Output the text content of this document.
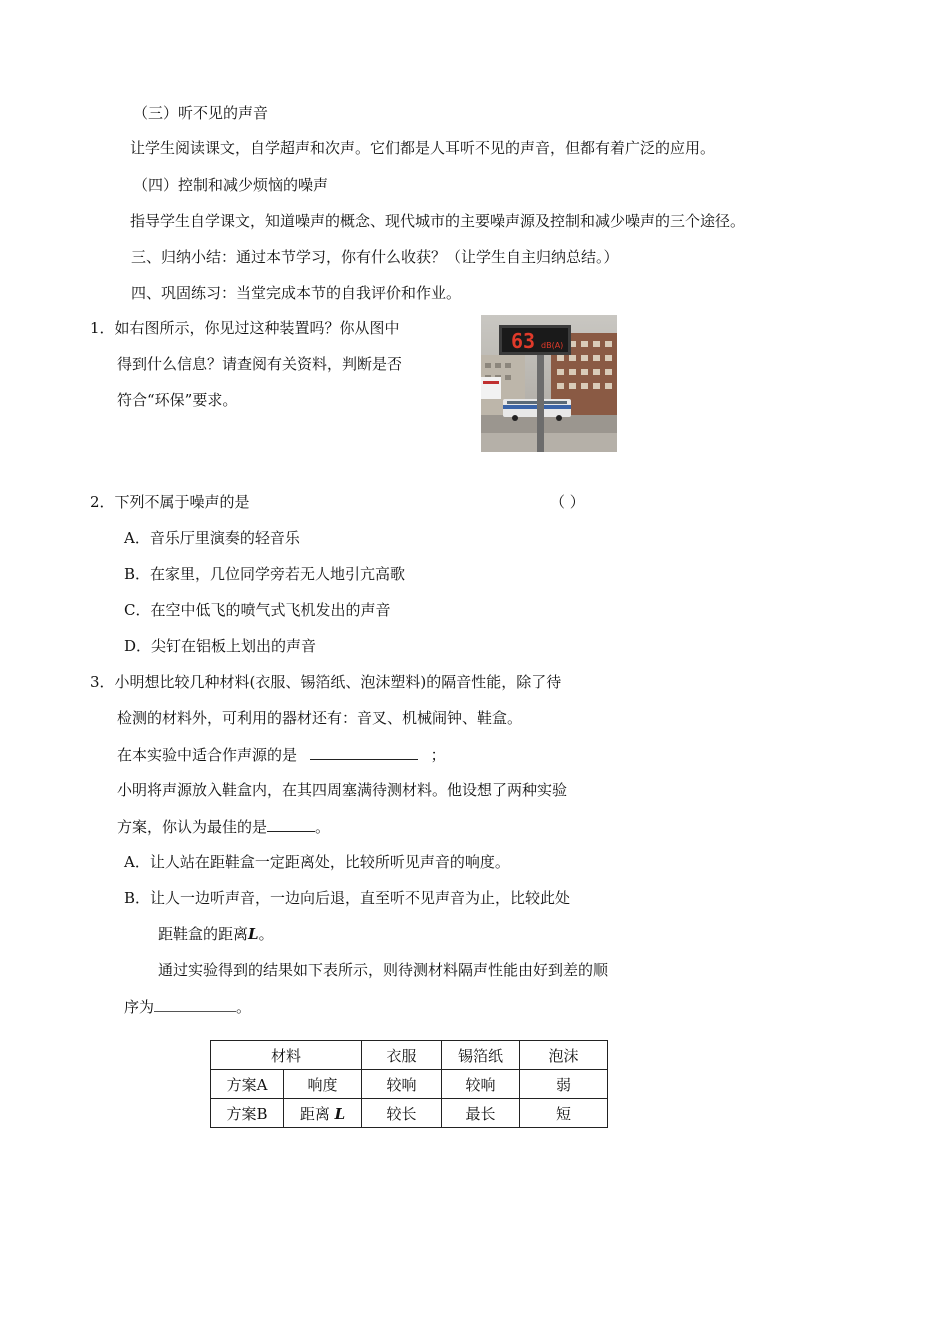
（三）听不见的声音
让学生阅读课文，自学超声和次声。它们都是人耳听不见的声音，但都有着广泛的应用。
（四）控制和减少烦恼的噪声
指导学生自学课文，知道噪声的概念、现代城市的主要噪声源及控制和减少噪声的三个途径。
三、归纳小结：通过本节学习，你有什么收获？（让学生自主归纳总结。）
四、巩固练习：当堂完成本节的自我评价和作业。
1．如右图所示，你见过这种装置吗？你从图中
得到什么信息？请查阅有关资料，判断是否
符合“环保”要求。
63 dB(A)
2．下列不属于噪声的是	（ ）
A．音乐厅里演奏的轻音乐
B．在家里，几位同学旁若无人地引亢高歌
C．在空中低飞的喷气式飞机发出的声音
D．尖钉在铝板上划出的声音
3．小明想比较几种材料(衣服、锡箔纸、泡沫塑料)的隔音性能，除了待
检测的材料外，可利用的器材还有：音叉、机械闹钟、鞋盒。
在本实验中适合作声源的是	；
小明将声源放入鞋盒内，在其四周塞满待测材料。他设想了两种实验
方案，你认为最佳的是	。
A．让人站在距鞋盒一定距离处，比较所听见声音的响度。
B．让人一边听声音，一边向后退，直至听不见声音为止，比较此处
距鞋盒的距离L。
通过实验得到的结果如下表所示，则待测材料隔声性能由好到差的顺
序为	。
材料		衣服	锡箔纸	泡沫
方案A	响度	较响	较响	弱
方案B	距离 L	较长	最长	短
